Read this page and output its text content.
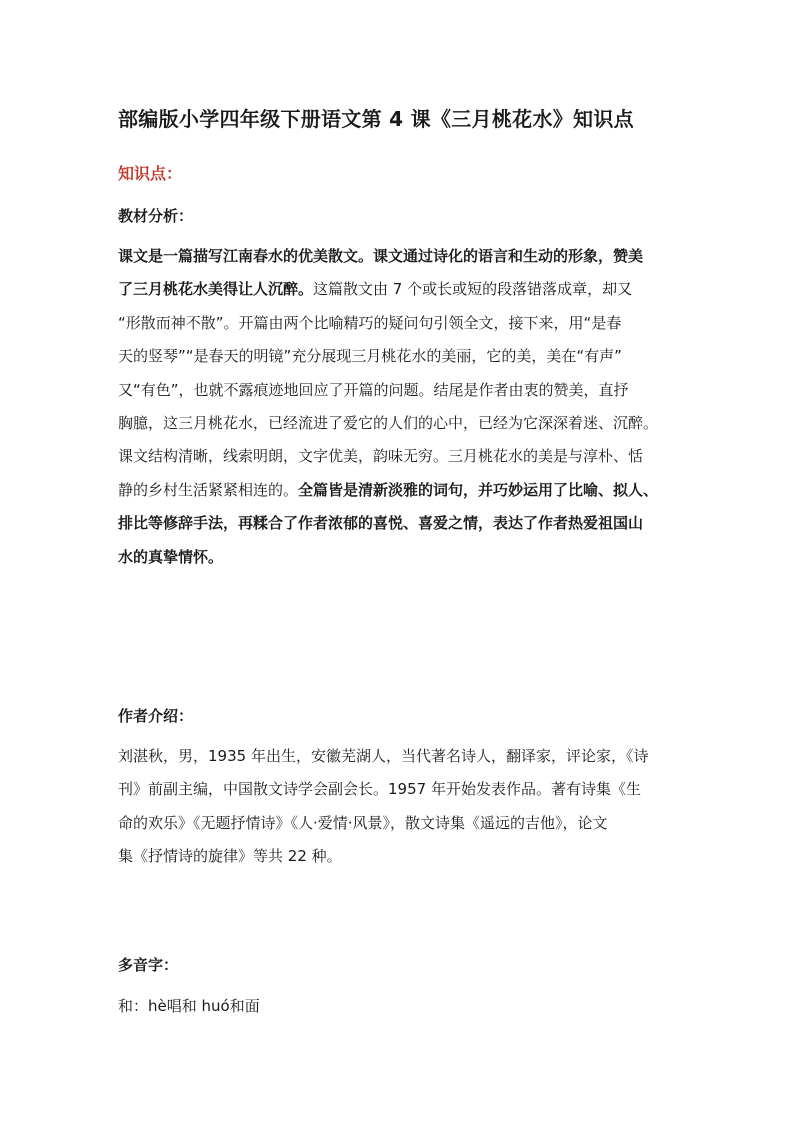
部编版小学四年级下册语文第 4 课《三月桃花水》知识点
知识点：
教材分析：
课文是一篇描写江南春水的优美散文。课文通过诗化的语言和生动的形象，赞美
了三月桃花水美得让人沉醉。这篇散文由 7 个或长或短的段落错落成章，却又
“形散而神不散”。开篇由两个比喻精巧的疑问句引领全文，接下来，用“是春
天的竖琴”“是春天的明镜”充分展现三月桃花水的美丽，它的美，美在“有声”
又“有色”，也就不露痕迹地回应了开篇的问题。结尾是作者由衷的赞美，直抒
胸臆，这三月桃花水，已经流进了爱它的人们的心中，已经为它深深着迷、沉醉。
课文结构清晰，线索明朗，文字优美，韵味无穷。三月桃花水的美是与淳朴、恬
静的乡村生活紧紧相连的。全篇皆是清新淡雅的词句，并巧妙运用了比喻、拟人、
排比等修辞手法，再糅合了作者浓郁的喜悦、喜爱之情，表达了作者热爱祖国山
水的真挚情怀。
作者介绍：
刘湛秋，男，1935 年出生，安徽芜湖人，当代著名诗人，翻译家，评论家，《诗
刊》前副主编，中国散文诗学会副会长。1957 年开始发表作品。著有诗集《生
命的欢乐》《无题抒情诗》《人·爱情·风景》，散文诗集《遥远的吉他》，论文
集《抒情诗的旋律》等共 22 种。
多音字：
和：hè唱和 huó和面
